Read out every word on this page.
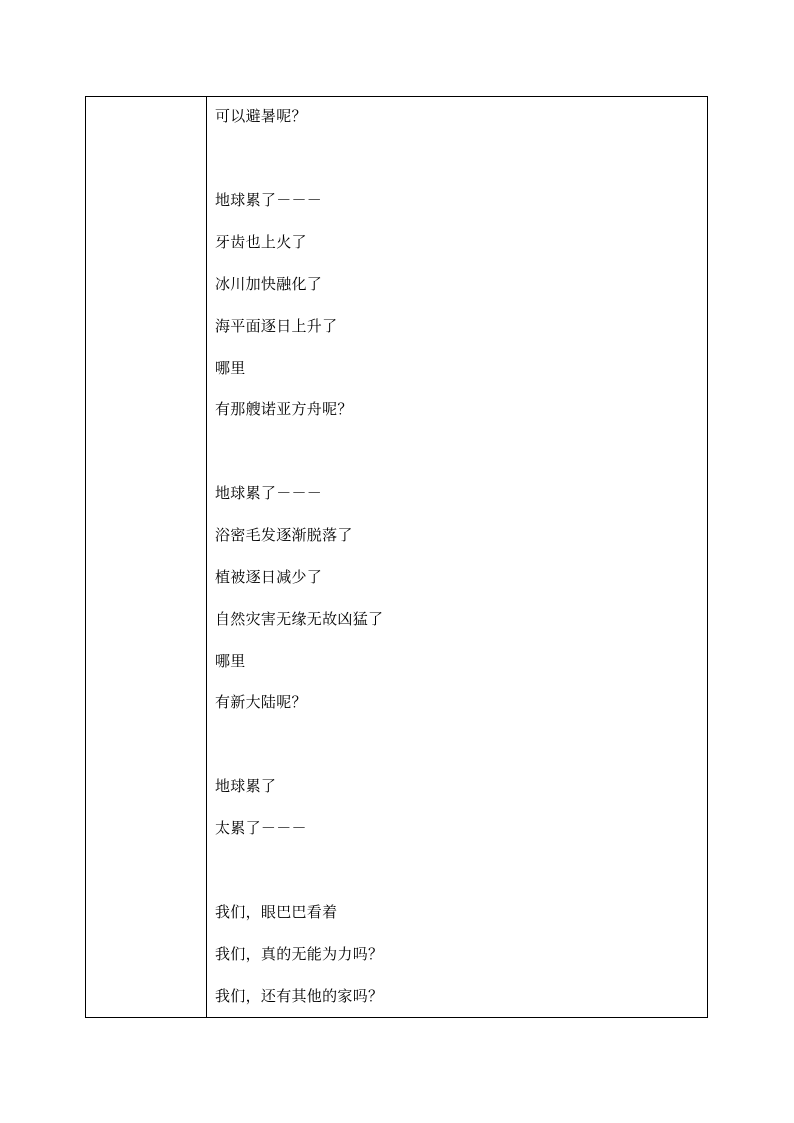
可以避暑呢？
地球累了－－－
牙齿也上火了
冰川加快融化了
海平面逐日上升了
哪里
有那艘诺亚方舟呢？
地球累了－－－
浴密毛发逐渐脱落了
植被逐日减少了
自然灾害无缘无故凶猛了
哪里
有新大陆呢？
地球累了
太累了－－－
我们，眼巴巴看着
我们，真的无能为力吗？
我们，还有其他的家吗？
